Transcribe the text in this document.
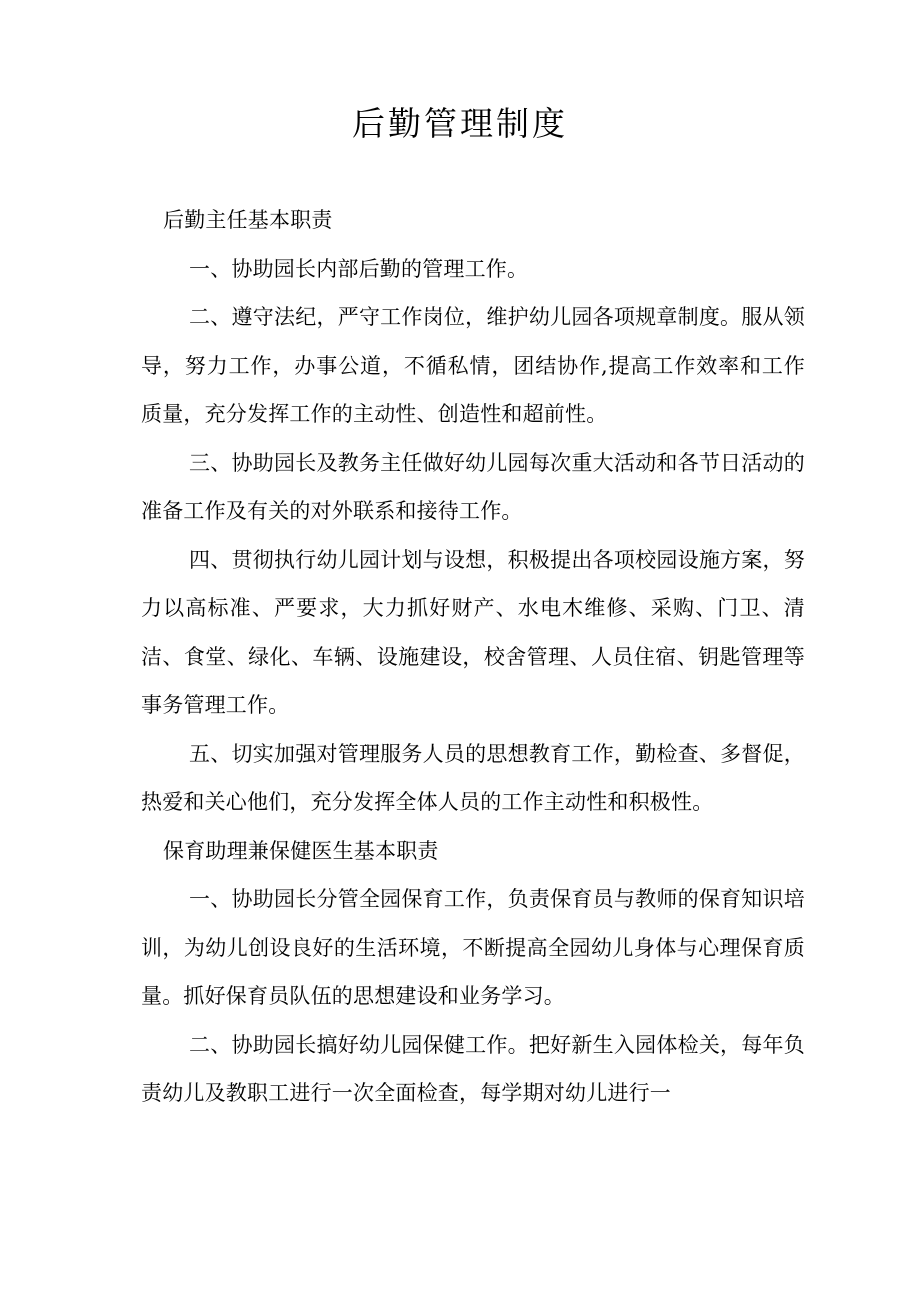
后勤管理制度

后勤主任基本职责

一、协助园长内部后勤的管理工作。

二、遵守法纪，严守工作岗位，维护幼儿园各项规章制度。服从领导，努力工作，办事公道，不循私情，团结协作,提高工作效率和工作质量，充分发挥工作的主动性、创造性和超前性。

三、协助园长及教务主任做好幼儿园每次重大活动和各节日活动的准备工作及有关的对外联系和接待工作。

四、贯彻执行幼儿园计划与设想，积极提出各项校园设施方案，努力以高标准、严要求，大力抓好财产、水电木维修、采购、门卫、清洁、食堂、绿化、车辆、设施建设，校舍管理、人员住宿、钥匙管理等事务管理工作。

五、切实加强对管理服务人员的思想教育工作，勤检查、多督促，热爱和关心他们，充分发挥全体人员的工作主动性和积极性。

保育助理兼保健医生基本职责

一、协助园长分管全园保育工作，负责保育员与教师的保育知识培训，为幼儿创设良好的生活环境，不断提高全园幼儿身体与心理保育质量。抓好保育员队伍的思想建设和业务学习。

二、协助园长搞好幼儿园保健工作。把好新生入园体检关，每年负责幼儿及教职工进行一次全面检查，每学期对幼儿进行一
